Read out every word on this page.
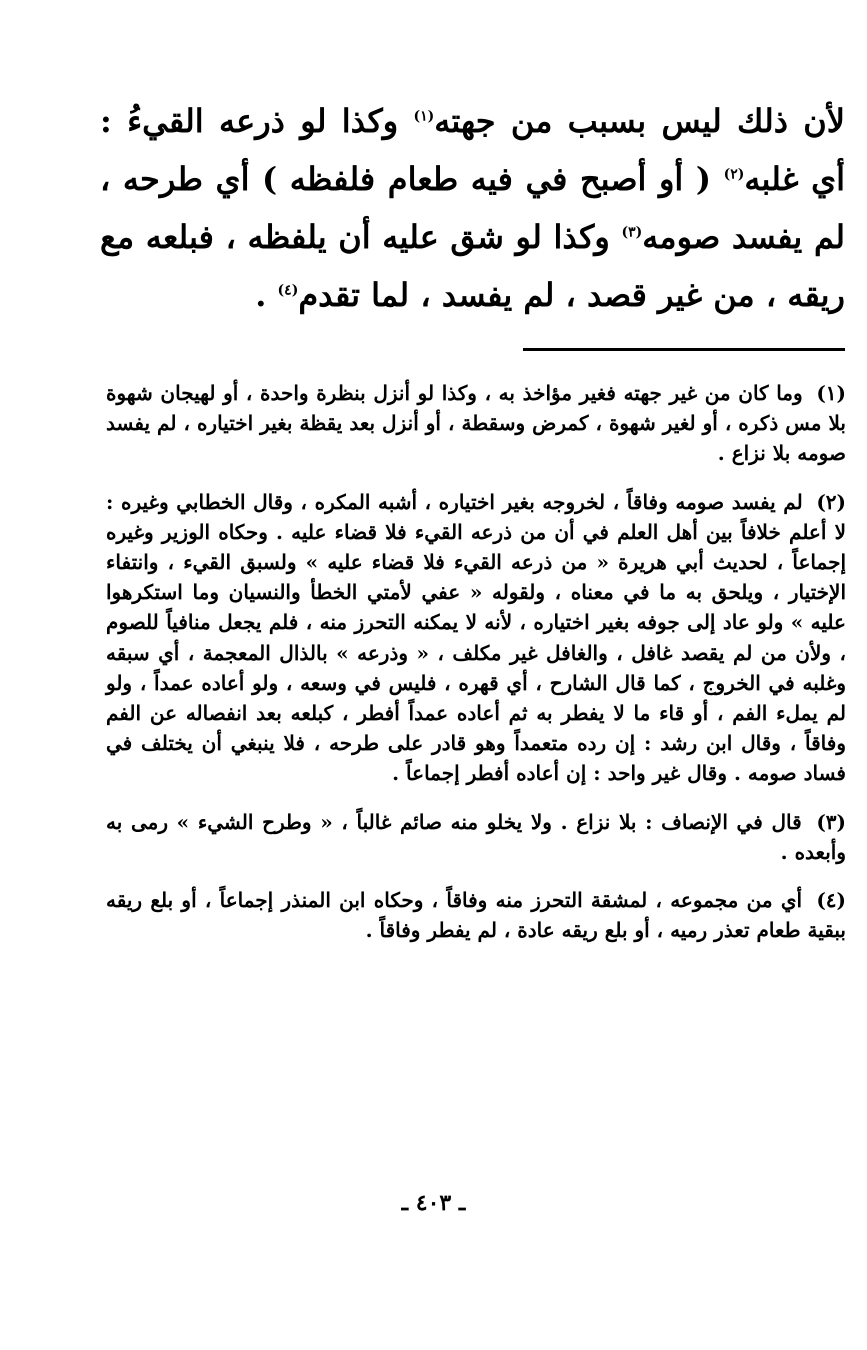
لأن ذلك ليس بسبب من جهته$^{(١)}$ وكذا لو ذرعه القيءُ : أي غلبه$^{(٢)}$ ( أو أصبح في فيه طعام فلفظه ) أي طرحه ، لم يفسد صومه$^{(٣)}$ وكذا لو شق عليه أن يلفظه ، فبلعه مع ريقه ، من غير قصد ، لم يفسد ، لما تقدم$^{(٤)}$ .

(١) وما كان من غير جهته فغير مؤاخذ به ، وكذا لو أنزل بنظرة واحدة ، أو لهيجان شهوة بلا مس ذكره ، أو لغير شهوة ، كمرض وسقطة ، أو أنزل بعد يقظة بغير اختياره ، لم يفسد صومه بلا نزاع .

(٢) لم يفسد صومه وفاقاً ، لخروجه بغير اختياره ، أشبه المكره ، وقال الخطابي وغيره : لا أعلم خلافاً بين أهل العلم في أن من ذرعه القيء فلا قضاء عليه . وحكاه الوزير وغيره إجماعاً ، لحديث أبي هريرة « من ذرعه القيء فلا قضاء عليه » ولسبق القيء ، وانتفاء الإختيار ، ويلحق به ما في معناه ، ولقوله « عفي لأمتي الخطأ والنسيان وما استكرهوا عليه » ولو عاد إلى جوفه بغير اختياره ، لأنه لا يمكنه التحرز منه ، فلم يجعل منافياً للصوم ، ولأن من لم يقصد غافل ، والغافل غير مكلف ، « وذرعه » بالذال المعجمة ، أي سبقه وغلبه في الخروج ، كما قال الشارح ، أي قهره ، فليس في وسعه ، ولو أعاده عمداً ، ولو لم يملء الفم ، أو قاء ما لا يفطر به ثم أعاده عمداً أفطر ، كبلعه بعد انفصاله عن الفم وفاقاً ، وقال ابن رشد : إن رده متعمداً وهو قادر على طرحه ، فلا ينبغي أن يختلف في فساد صومه . وقال غير واحد : إن أعاده أفطر إجماعاً .

(٣) قال في الإنصاف : بلا نزاع . ولا يخلو منه صائم غالباً ، « وطرح الشيء » رمى به وأبعده .

(٤) أي من مجموعه ، لمشقة التحرز منه وفاقاً ، وحكاه ابن المنذر إجماعاً ، أو بلع ريقه ببقية طعام تعذر رميه ، أو بلع ريقه عادة ، لم يفطر وفاقاً .

ـ ٤٠٣ ـ
